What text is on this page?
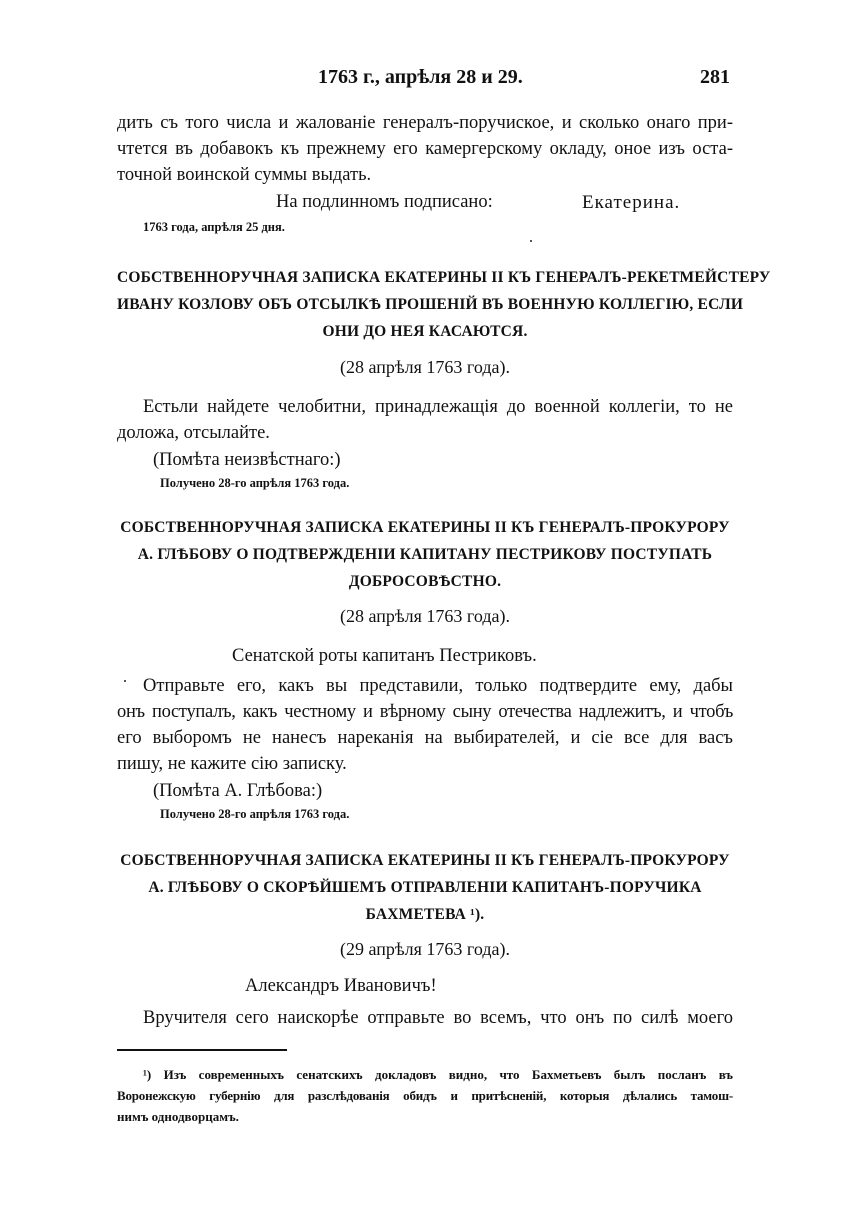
1763 г., апрѣля 28 и 29.	281
дить съ того числа и жалованіе генералъ-поручиское, и сколько онаго при-
чтется въ добавокъ къ прежнему его камергерскому окладу, оное изъ оста-
точной воинской суммы выдать.
На подлинномъ подписано:	Екатерина.
1763 года, апрѣля 25 дня.
СОБСТВЕННОРУЧНАЯ ЗАПИСКА ЕКАТЕРИНЫ II КЪ ГЕНЕРАЛЪ-РЕКЕТМЕЙСТЕРУ
ИВАНУ КОЗЛОВУ ОБЪ ОТСЫЛКѢ ПРОШЕНІЙ ВЪ ВОЕННУЮ КОЛЛЕГІЮ, ЕСЛИ
ОНИ ДО НЕЯ КАСАЮТСЯ.
(28 апрѣля 1763 года).
Естьли найдете челобитни, принадлежащія до военной коллегіи, то не
доложа, отсылайте.
(Помѣта неизвѣстнаго:)
Получено 28-го апрѣля 1763 года.
СОБСТВЕННОРУЧНАЯ ЗАПИСКА ЕКАТЕРИНЫ II КЪ ГЕНЕРАЛЪ-ПРОКУРОРУ
А. ГЛѢБОВУ О ПОДТВЕРЖДЕНІИ КАПИТАНУ ПЕСТРИКОВУ ПОСТУПАТЬ
ДОБРОСОВѢСТНО.
(28 апрѣля 1763 года).
Сенатской роты капитанъ Пестриковъ.
Отправьте его, какъ вы представили, только подтвердите ему, дабы
онъ поступалъ, какъ честному и вѣрному сыну отечества надлежитъ, и чтобъ
его выборомъ не нанесъ нареканія на выбирателей, и сіе все для васъ
пишу, не кажите сію записку.
(Помѣта А. Глѣбова:)
Получено 28-го апрѣля 1763 года.
СОБСТВЕННОРУЧНАЯ ЗАПИСКА ЕКАТЕРИНЫ II КЪ ГЕНЕРАЛЪ-ПРОКУРОРУ
А. ГЛѢБОВУ О СКОРѢЙШЕМЪ ОТПРАВЛЕНІИ КАПИТАНЪ-ПОРУЧИКА
БАХМЕТЕВА ¹).
(29 апрѣля 1763 года).
Александръ Ивановичъ!
Вручителя сего наискорѣе отправьте во всемъ, что онъ по силѣ моего
¹) Изъ современныхъ сенатскихъ докладовъ видно, что Бахметьевъ былъ посланъ въ
Воронежскую губернію для разслѣдованія обидъ и притѣсненій, которыя дѣлались тамош-
нимъ однодворцамъ.
